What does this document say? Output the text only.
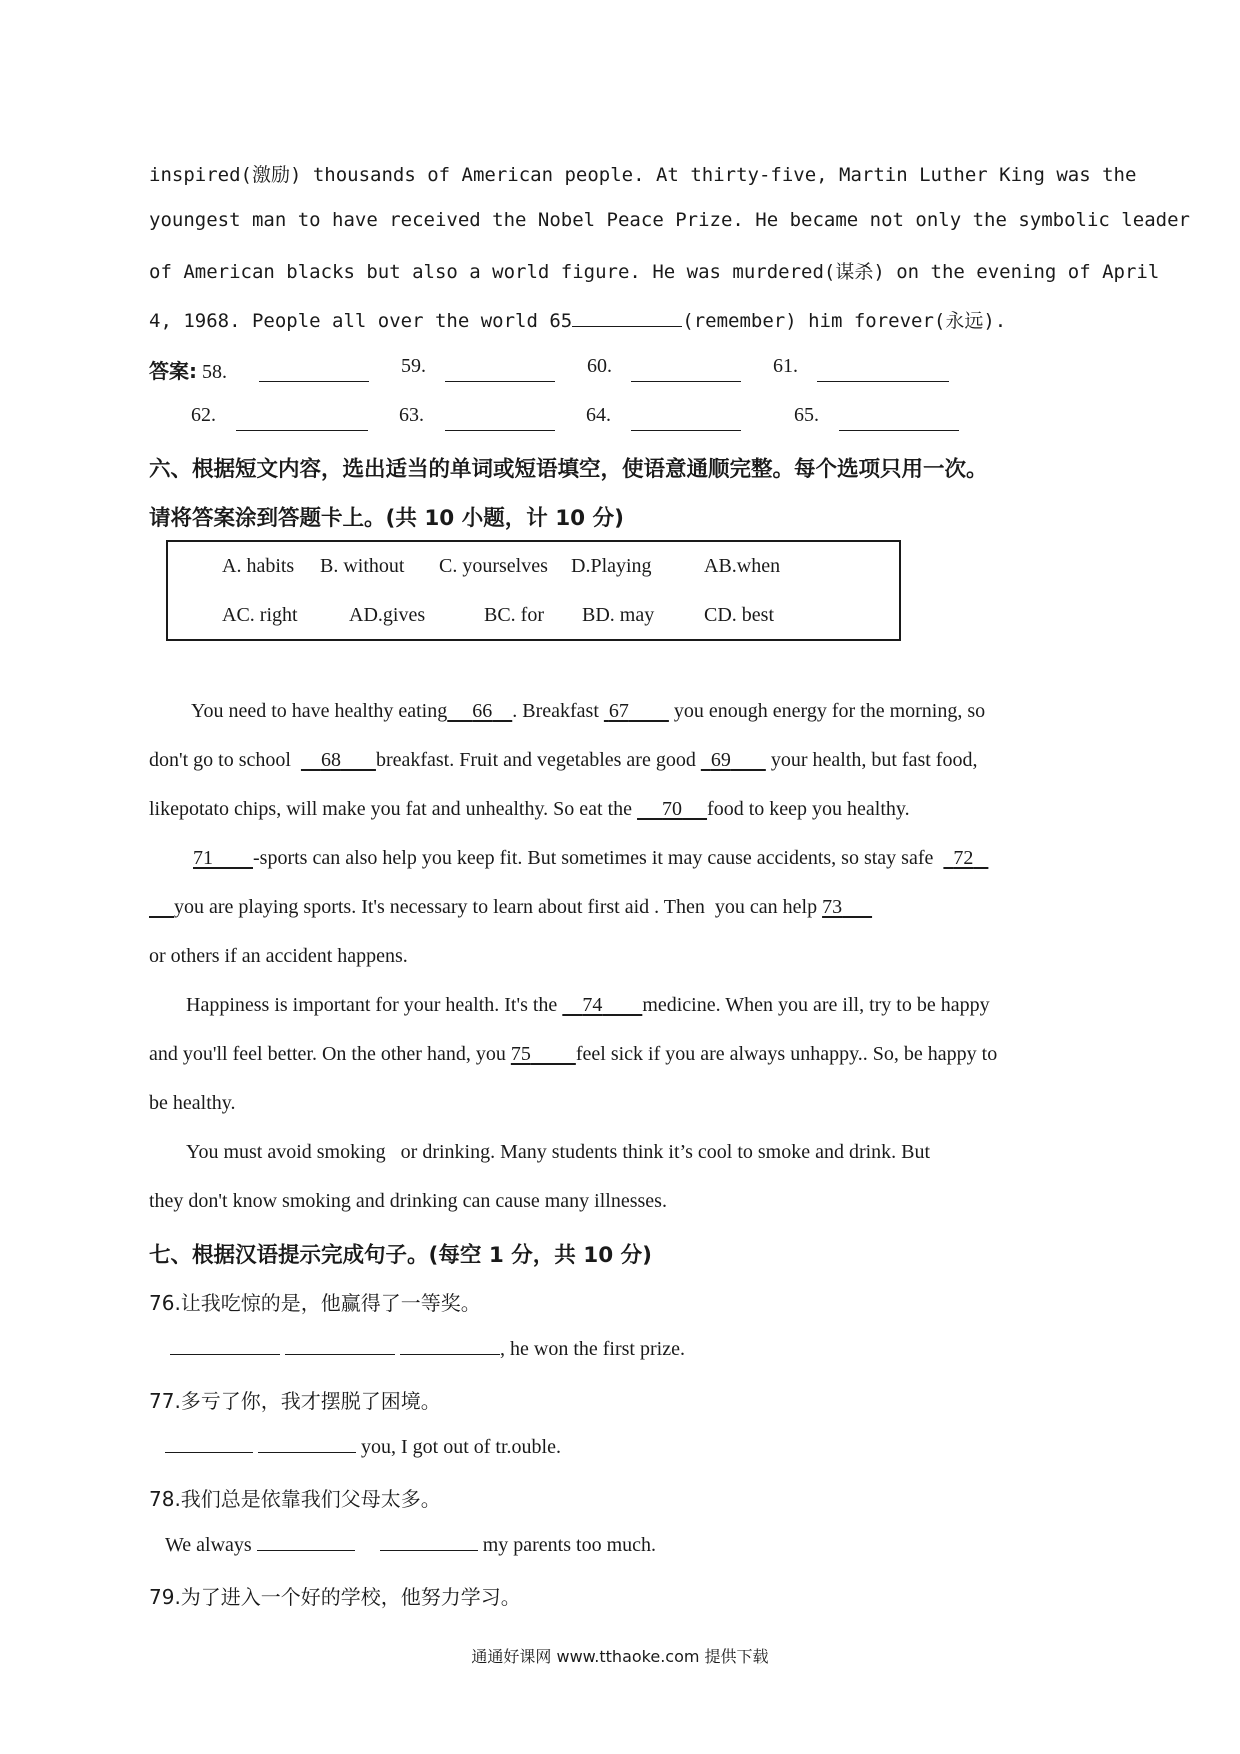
inspired(激励) thousands of American people. At thirty-five, Martin Luther King was the
youngest man to have received the Nobel Peace Prize. He became not only the symbolic leader
of American blacks but also a world figure. He was murdered(谋杀) on the evening of April
4, 1968. People all over the world 65	(remember) him forever(永远).
答案: 58.	59.	60.	61.
62.	63.	64.	65.
六、根据短文内容，选出适当的单词或短语填空，使语意通顺完整。每个选项只用一次。
请将答案涂到答题卡上。(共 10 小题，计 10 分)
A. habits B. without C. yourselves D.Playing	AB.when
AC. right	AD.gives	BC. for BD. may CD. best
You need to have healthy eating 66 . Breakfast 67 you enough energy for the morning, so
don't go to school 68 breakfast. Fruit and vegetables are good 69 your health, but fast food,
likepotato chips, will make you fat and unhealthy. So eat the 70 food to keep you healthy.
71 -sports can also help you keep fit. But sometimes it may cause accidents, so stay safe 72
you are playing sports. It's necessary to learn about first aid . Then you can help 73
or others if an accident happens.
Happiness is important for your health. It's the 74 medicine. When you are ill, try to be happy
and you'll feel better. On the other hand, you 75 feel sick if you are always unhappy.. So, be happy to
be healthy.
You must avoid smoking   or drinking. Many students think it’s cool to smoke and drink. But
they don't know smoking and drinking can cause many illnesses.
七、根据汉语提示完成句子。(每空 1 分，共 10 分)
76.让我吃惊的是，他赢得了一等奖。
, he won the first prize.
77.多亏了你，我才摆脱了困境。
you, I got out of tr.ouble.
78.我们总是依靠我们父母太多。
We always	my parents too much.
79.为了进入一个好的学校，他努力学习。
通通好课网 www.tthaoke.com 提供下载
